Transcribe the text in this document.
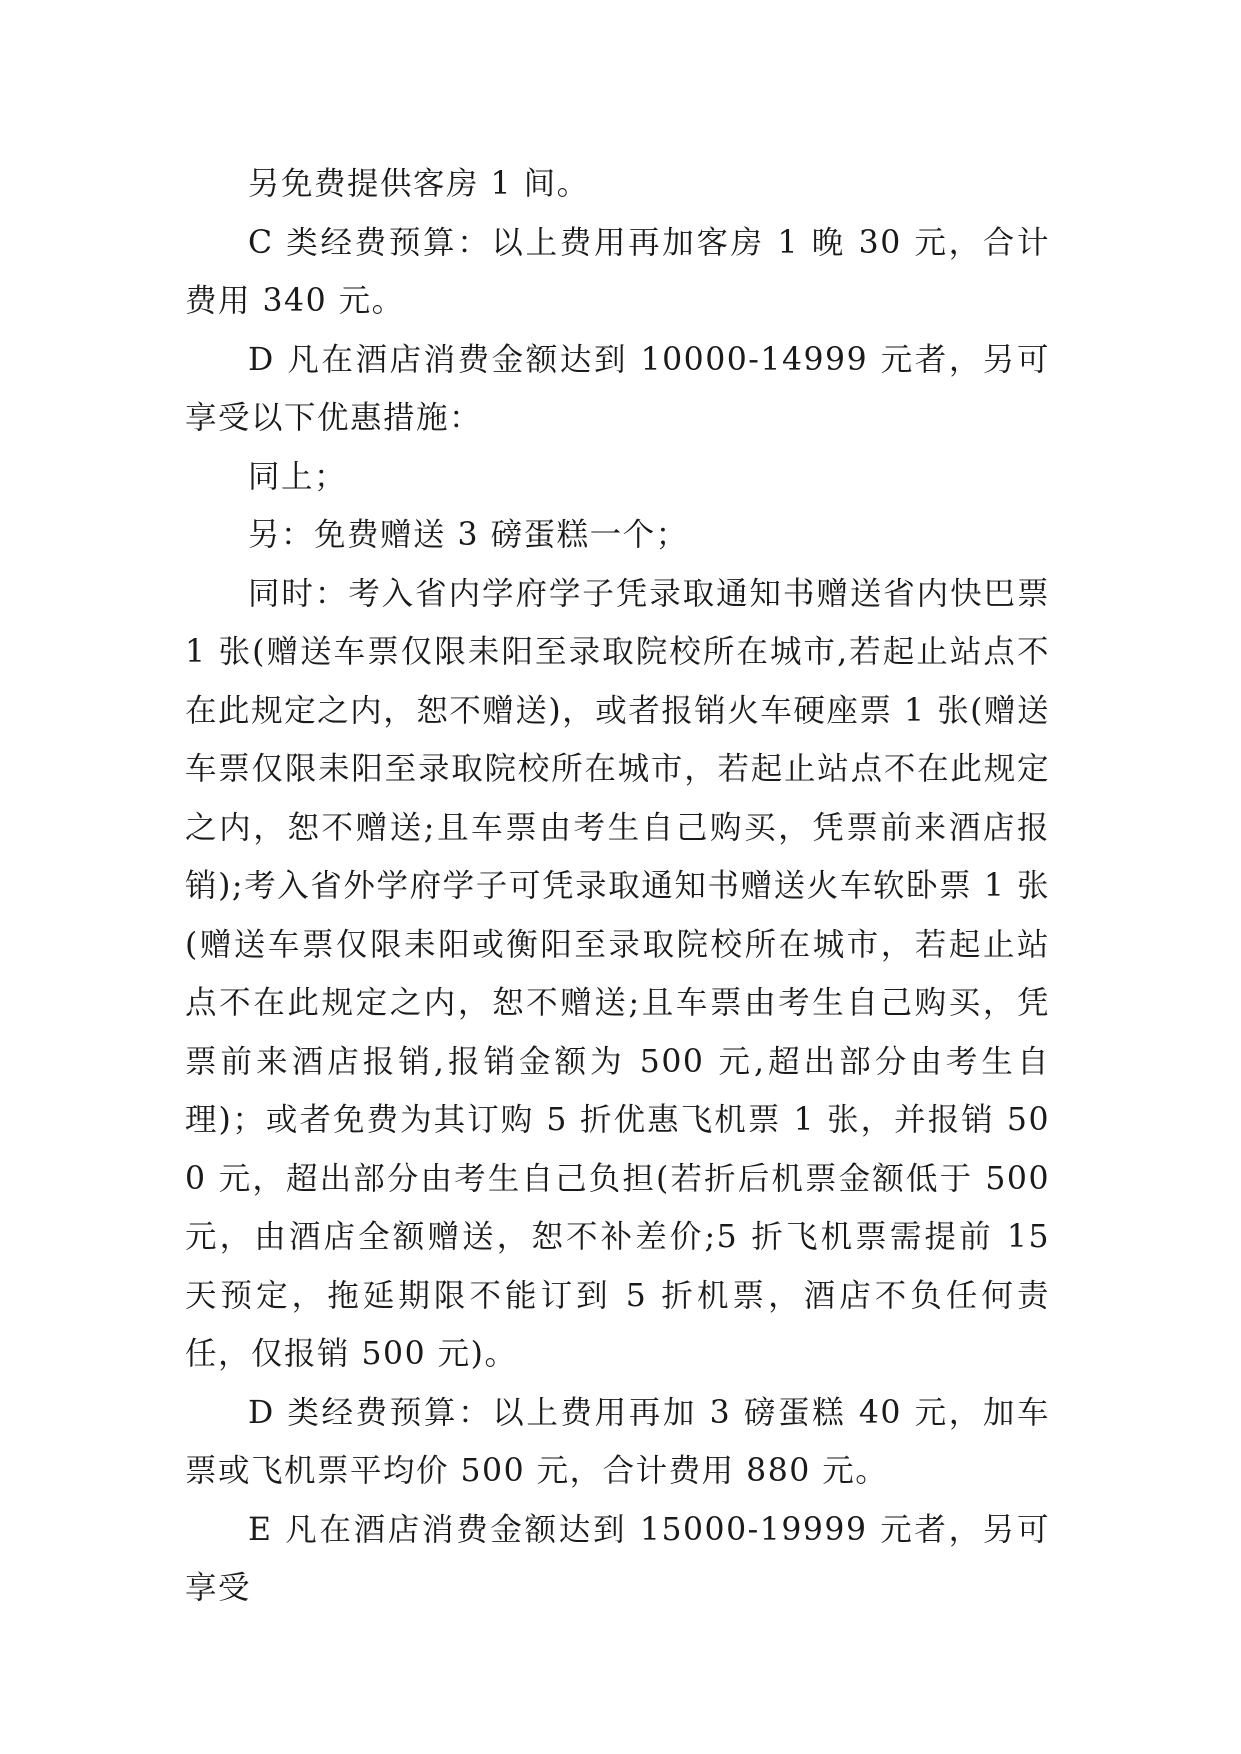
另免费提供客房 1 间。

C 类经费预算：以上费用再加客房 1 晚 30 元，合计费用 340 元。

D 凡在酒店消费金额达到 10000-14999 元者，另可享受以下优惠措施：

同上；

另：免费赠送 3 磅蛋糕一个；

同时：考入省内学府学子凭录取通知书赠送省内快巴票 1 张(赠送车票仅限耒阳至录取院校所在城市,若起止站点不在此规定之内，恕不赠送)，或者报销火车硬座票 1 张(赠送车票仅限耒阳至录取院校所在城市，若起止站点不在此规定之内，恕不赠送;且车票由考生自己购买，凭票前来酒店报销);考入省外学府学子可凭录取通知书赠送火车软卧票 1 张(赠送车票仅限耒阳或衡阳至录取院校所在城市，若起止站点不在此规定之内，恕不赠送;且车票由考生自己购买，凭票前来酒店报销,报销金额为 500 元,超出部分由考生自理)；或者免费为其订购 5 折优惠飞机票 1 张，并报销 500 元，超出部分由考生自己负担(若折后机票金额低于 500 元，由酒店全额赠送，恕不补差价;5 折飞机票需提前 15 天预定，拖延期限不能订到 5 折机票，酒店不负任何责任，仅报销 500 元)。

D 类经费预算：以上费用再加 3 磅蛋糕 40 元，加车票或飞机票平均价 500 元，合计费用 880 元。

E 凡在酒店消费金额达到 15000-19999 元者，另可享受
